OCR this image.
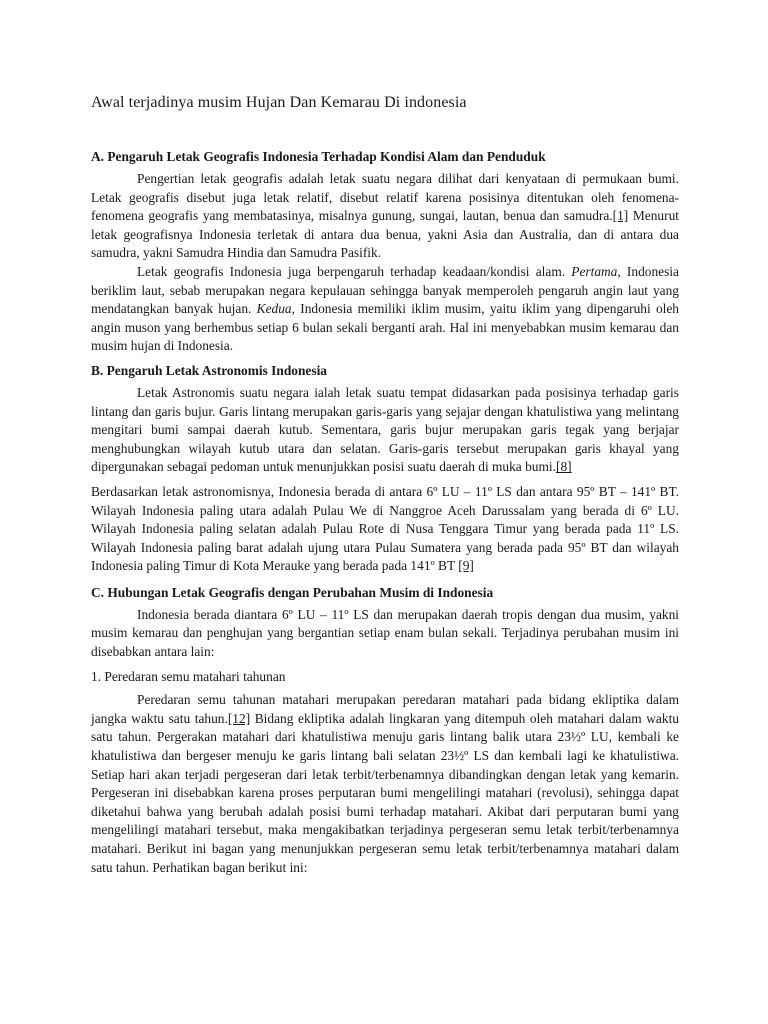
Awal terjadinya musim Hujan Dan Kemarau Di indonesia
A. Pengaruh Letak Geografis Indonesia Terhadap Kondisi Alam dan Penduduk

Pengertian letak geografis adalah letak suatu negara dilihat dari kenyataan di permukaan bumi. Letak geografis disebut juga letak relatif, disebut relatif karena posisinya ditentukan oleh fenomena-fenomena geografis yang membatasinya, misalnya gunung, sungai, lautan, benua dan samudra.[1] Menurut letak geografisnya Indonesia terletak di antara dua benua, yakni Asia dan Australia, dan di antara dua samudra, yakni Samudra Hindia dan Samudra Pasifik.

Letak geografis Indonesia juga berpengaruh terhadap keadaan/kondisi alam. Pertama, Indonesia beriklim laut, sebab merupakan negara kepulauan sehingga banyak memperoleh pengaruh angin laut yang mendatangkan banyak hujan. Kedua, Indonesia memiliki iklim musim, yaitu iklim yang dipengaruhi oleh angin muson yang berhembus setiap 6 bulan sekali berganti arah. Hal ini menyebabkan musim kemarau dan musim hujan di Indonesia.

B. Pengaruh Letak Astronomis Indonesia

Letak Astronomis suatu negara ialah letak suatu tempat didasarkan pada posisinya terhadap garis lintang dan garis bujur. Garis lintang merupakan garis-garis yang sejajar dengan khatulistiwa yang melintang mengitari bumi sampai daerah kutub. Sementara, garis bujur merupakan garis tegak yang berjajar menghubungkan wilayah kutub utara dan selatan. Garis-garis tersebut merupakan garis khayal yang dipergunakan sebagai pedoman untuk menunjukkan posisi suatu daerah di muka bumi.[8]

Berdasarkan letak astronomisnya, Indonesia berada di antara 6º LU – 11º LS dan antara 95º BT – 141º BT. Wilayah Indonesia paling utara adalah Pulau We di Nanggroe Aceh Darussalam yang berada di 6º LU. Wilayah Indonesia paling selatan adalah Pulau Rote di Nusa Tenggara Timur yang berada pada 11º LS. Wilayah Indonesia paling barat adalah ujung utara Pulau Sumatera yang berada pada 95º BT dan wilayah Indonesia paling Timur di Kota Merauke yang berada pada 141º BT [9]

C. Hubungan Letak Geografis dengan Perubahan Musim di Indonesia

Indonesia berada diantara 6º LU – 11º LS dan merupakan daerah tropis dengan dua musim, yakni musim kemarau dan penghujan yang bergantian setiap enam bulan sekali. Terjadinya perubahan musim ini disebabkan antara lain:

1. Peredaran semu matahari tahunan

Peredaran semu tahunan matahari merupakan peredaran matahari pada bidang ekliptika dalam jangka waktu satu tahun.[12] Bidang ekliptika adalah lingkaran yang ditempuh oleh matahari dalam waktu satu tahun. Pergerakan matahari dari khatulistiwa menuju garis lintang balik utara 23½º LU, kembali ke khatulistiwa dan bergeser menuju ke garis lintang bali selatan 23½º LS dan kembali lagi ke khatulistiwa. Setiap hari akan terjadi pergeseran dari letak terbit/terbenamnya dibandingkan dengan letak yang kemarin. Pergeseran ini disebabkan karena proses perputaran bumi mengelilingi matahari (revolusi), sehingga dapat diketahui bahwa yang berubah adalah posisi bumi terhadap matahari. Akibat dari perputaran bumi yang mengelilingi matahari tersebut, maka mengakibatkan terjadinya pergeseran semu letak terbit/terbenamnya matahari. Berikut ini bagan yang menunjukkan pergeseran semu letak terbit/terbenamnya matahari dalam satu tahun. Perhatikan bagan berikut ini:
